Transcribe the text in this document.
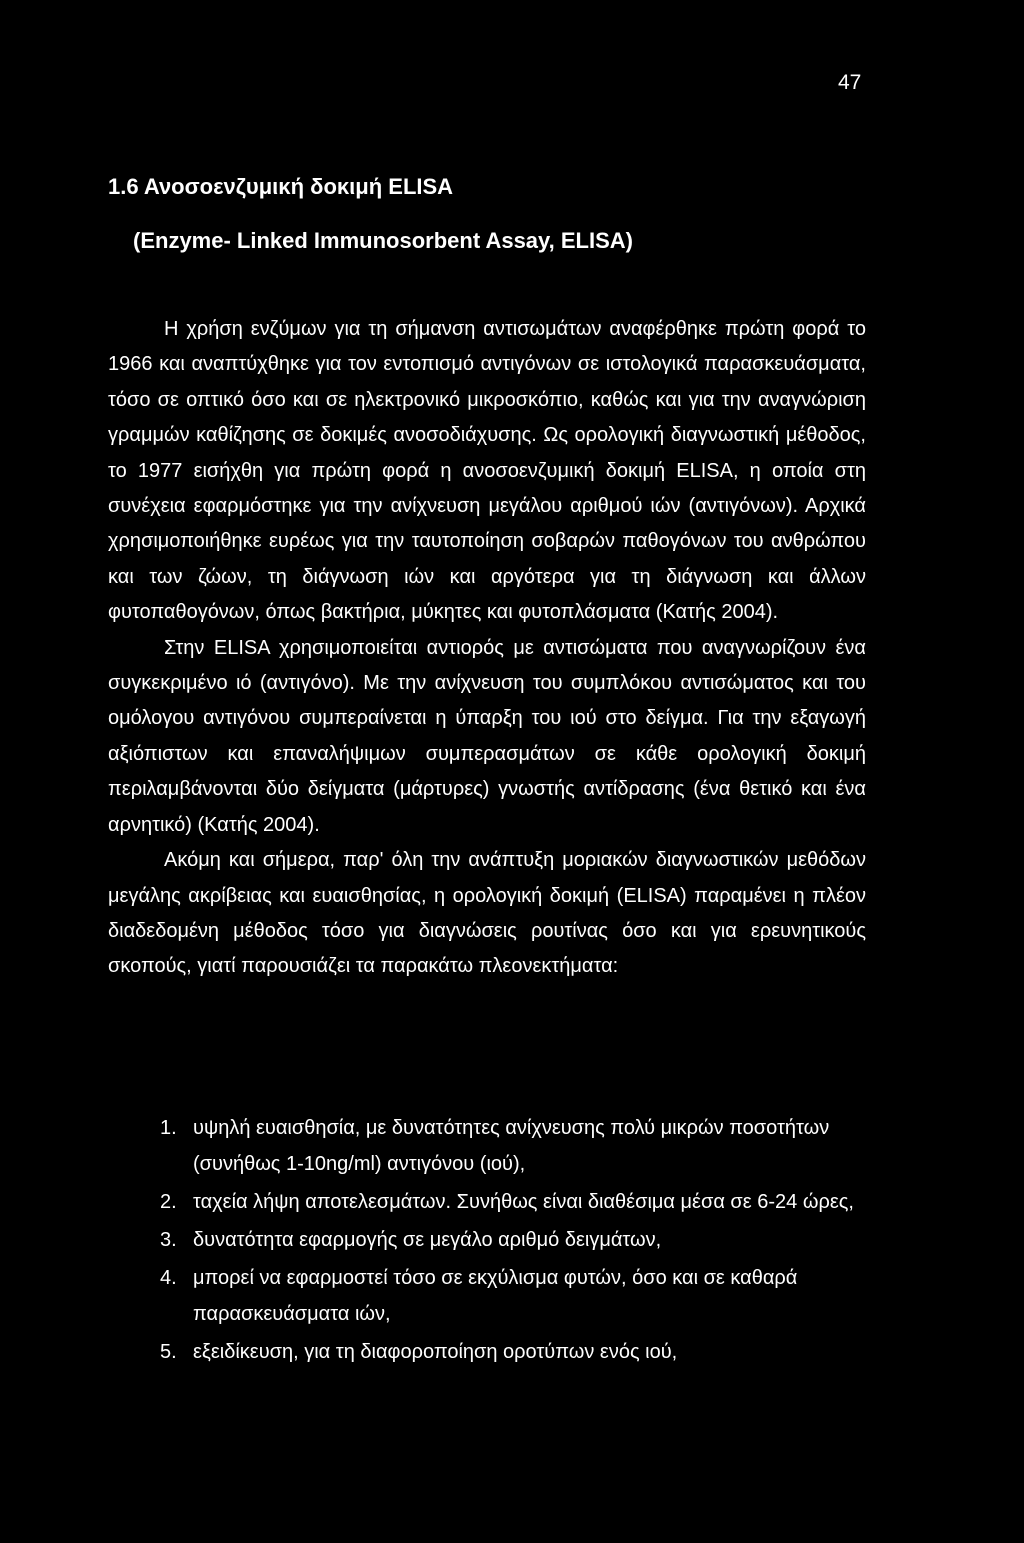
47
1.6 Ανοσοενζυμική δοκιμή ELISA
(Enzyme- Linked Immunosorbent Assay, ELISA)

Η χρήση ενζύμων για τη σήμανση αντισωμάτων αναφέρθηκε πρώτη φορά το 1966 και αναπτύχθηκε για τον εντοπισμό αντιγόνων σε ιστολογικά παρασκευάσματα, τόσο σε οπτικό όσο και σε ηλεκτρονικό μικροσκόπιο, καθώς και για την αναγνώριση γραμμών καθίζησης σε δοκιμές ανοσοδιάχυσης. Ως ορολογική διαγνωστική μέθοδος, το 1977 εισήχθη για πρώτη φορά η ανοσοενζυμική δοκιμή ELISA, η οποία στη συνέχεια εφαρμόστηκε για την ανίχνευση μεγάλου αριθμού ιών (αντιγόνων). Αρχικά χρησιμοποιήθηκε ευρέως για την ταυτοποίηση σοβαρών παθογόνων του ανθρώπου και των ζώων, τη διάγνωση ιών και αργότερα για τη διάγνωση και άλλων φυτοπαθογόνων, όπως βακτήρια, μύκητες και φυτοπλάσματα (Κατής 2004).

Στην ELISA χρησιμοποιείται αντιορός με αντισώματα που αναγνωρίζουν ένα συγκεκριμένο ιό (αντιγόνο). Με την ανίχνευση του συμπλόκου αντισώματος και του ομόλογου αντιγόνου συμπεραίνεται η ύπαρξη του ιού στο δείγμα. Για την εξαγωγή αξιόπιστων και επαναλήψιμων συμπερασμάτων σε κάθε ορολογική δοκιμή περιλαμβάνονται δύο δείγματα (μάρτυρες) γνωστής αντίδρασης (ένα θετικό και ένα αρνητικό) (Κατής 2004).

Ακόμη και σήμερα, παρ' όλη την ανάπτυξη μοριακών διαγνωστικών μεθόδων μεγάλης ακρίβειας και ευαισθησίας, η ορολογική δοκιμή (ELISA) παραμένει η πλέον διαδεδομένη μέθοδος τόσο για διαγνώσεις ρουτίνας όσο και για ερευνητικούς σκοπούς, γιατί παρουσιάζει τα παρακάτω πλεονεκτήματα:

1. υψηλή ευαισθησία, με δυνατότητες ανίχνευσης πολύ μικρών ποσοτήτων (συνήθως 1-10ng/ml) αντιγόνου (ιού),
2. ταχεία λήψη αποτελεσμάτων. Συνήθως είναι διαθέσιμα μέσα σε 6-24 ώρες,
3. δυνατότητα εφαρμογής σε μεγάλο αριθμό δειγμάτων,
4. μπορεί να εφαρμοστεί τόσο σε εκχύλισμα φυτών, όσο και σε καθαρά παρασκευάσματα ιών,
5. εξειδίκευση, για τη διαφοροποίηση οροτύπων ενός ιού,
